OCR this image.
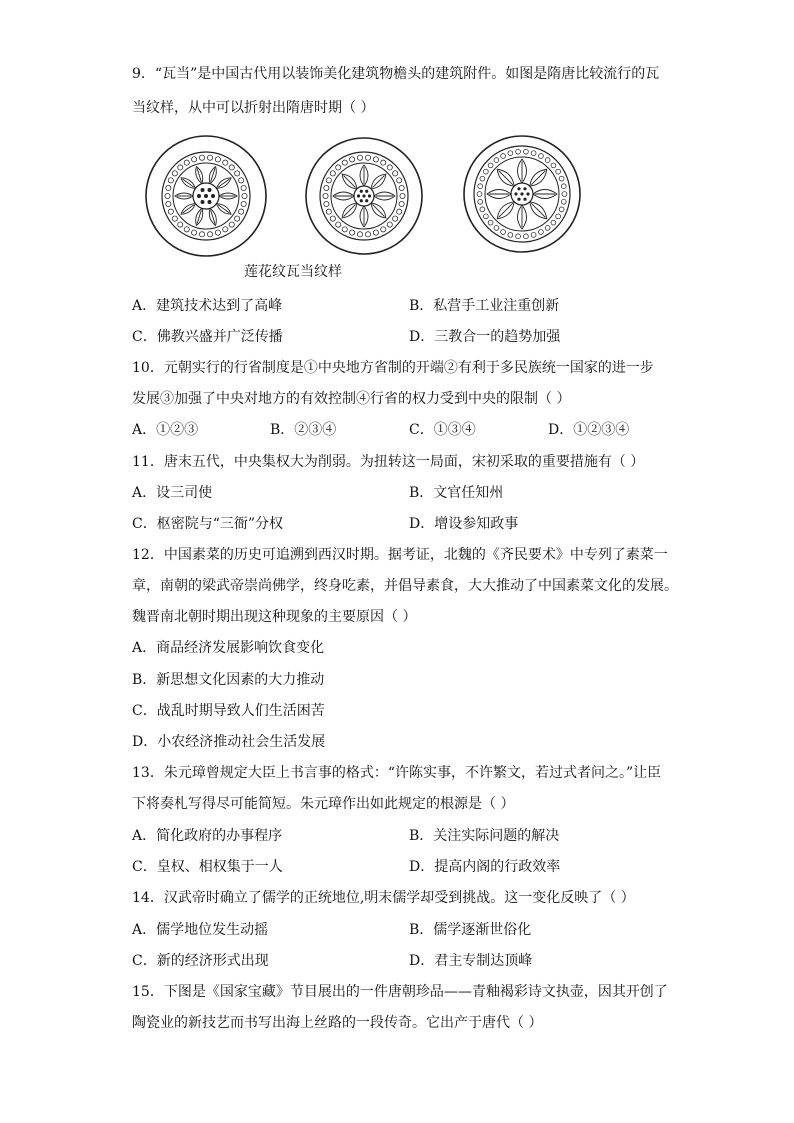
9．“瓦当”是中国古代用以装饰美化建筑物檐头的建筑附件。如图是隋唐比较流行的瓦
当纹样，从中可以折射出隋唐时期（ ）
莲花纹瓦当纹样
A．建筑技术达到了高峰	B．私营手工业注重创新
C．佛教兴盛并广泛传播	D．三教合一的趋势加强
10．元朝实行的行省制度是①中央地方省制的开端②有利于多民族统一国家的进一步
发展③加强了中央对地方的有效控制④行省的权力受到中央的限制（ ）
A．①②③	B．②③④	C．①③④	D．①②③④
11．唐末五代，中央集权大为削弱。为扭转这一局面，宋初采取的重要措施有（ ）
A．设三司使	B．文官任知州
C．枢密院与“三衙”分权	D．增设参知政事
12．中国素菜的历史可追溯到西汉时期。据考证，北魏的《齐民要术》中专列了素菜一
章，南朝的梁武帝崇尚佛学，终身吃素，并倡导素食，大大推动了中国素菜文化的发展。
魏晋南北朝时期出现这种现象的主要原因（ ）
A．商品经济发展影响饮食变化
B．新思想文化因素的大力推动
C．战乱时期导致人们生活困苦
D．小农经济推动社会生活发展
13．朱元璋曾规定大臣上书言事的格式：“许陈实事，不许繁文，若过式者问之。”让臣
下将奏札写得尽可能简短。朱元璋作出如此规定的根源是（ ）
A．简化政府的办事程序	B．关注实际问题的解决
C．皇权、相权集于一人	D．提高内阁的行政效率
14．汉武帝时确立了儒学的正统地位,明末儒学却受到挑战。这一变化反映了（ ）
A．儒学地位发生动摇	B．儒学逐渐世俗化
C．新的经济形式出现	D．君主专制达顶峰
15．下图是《国家宝藏》节目展出的一件唐朝珍品——青釉褐彩诗文执壶，因其开创了
陶瓷业的新技艺而书写出海上丝路的一段传奇。它出产于唐代（ ）
